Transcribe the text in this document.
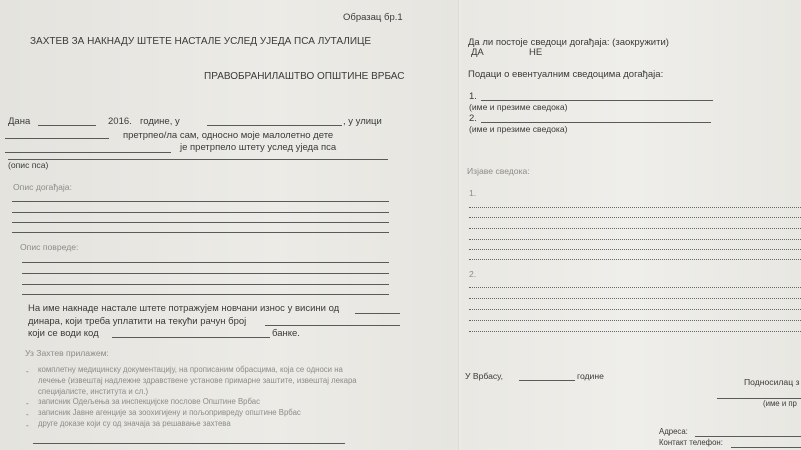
Образац бр.1
ЗАХТЕВ ЗА НАКНАДУ ШТЕТЕ НАСТАЛЕ УСЛЕД УЈЕДА ПСА ЛУТАЛИЦЕ
ПРАВОБРАНИЛАШТВО ОПШТИНЕ ВРБАС
Дана	2016. године, у	, у улици
претрпео/ла сам, односно моје малолетно дете
је претрпело штету услед уједа пса
(опис пса)
Опис догађаја:
Опис повреде:
На име накнаде настале штете потражујем новчани износ у висини од
динара, који треба уплатити на текући рачун број
који се води код	банке.
Уз Захтев прилажем:
- комплетну медицинску документацију, на прописаним обрасцима, која се односи на
лечење (извештај надлежне здравствене установе примарне заштите, извештај лекара
специјалисте, института и сл.)
- записник Одељења за инспекцијске послове Општине Врбас
- записник Јавне агенције за зоохигијену и пољопривреду општине Врбас
- друге доказе који су од значаја за решавање захтева
Да ли постоје сведоци догађаја: (заокружити)
ДА	НЕ
Подаци о евентуалним сведоцима догађаја:
1.
(име и презиме сведока)
2.
(име и презиме сведока)
Изјаве сведока:
1.
2.
У Врбасу,	године
Подносилац з
(име и пр
Адреса:
Контакт телефон:
